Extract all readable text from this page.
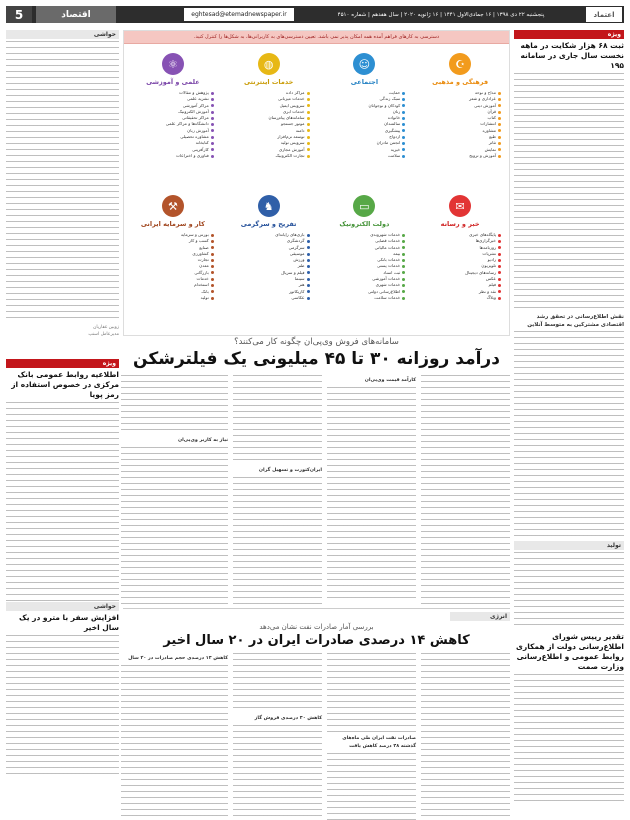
5	اقتصاد	eghtesad@etemadnewspaper.ir	پنجشنبه ۲۲ دی ۱۳۹۸ | ۱۶ جمادی‌الاول ۱۴۴۱ | ۱۶ ژانویه ۲۰۲۰ | سال هفدهم | شماره ۴۵۱۰	اعتماد
ویژه
ثبت ۶۸ هزار شکایت در ماهه نخست سال جاری در سامانه ۱۹۵
نقش اطلاع‌رسانی در تحقق رشد اقتصادی مشترکین به متوسط آنلاین
تولید
تقدیر رییس شورای اطلاع‌رسانی دولت از همکاری روابط عمومی و اطلاع‌رسانی وزارت صمت
حواشی
زوبین غفاریان
مدیرعامل اسنپ
ویژه
اطلاعیه روابط عمومی بانک مرکزی در خصوص استفاده از رمز پویا
حواشی
افزایش سفر با مترو در یک سال اخیر
دسترسی به کارهای فراهم آمده همه امکان پذیر نمی باشد. تعیین دسترسی‌های به کاربرانی‌ها، به شکل‌ها را کنترل کنید.
☪
فرهنگی و مذهبی
مداح و نوحه
عزاداری و شعر
آموزش دینی
قرآن
کتاب
انتشارات
مشاوره
طبع
تئاتر
نمایش
آموزش و ترویج
☺
اجتماعی
حمایت
سبک زندگی
کودکان و نوجوانان
زنان
خانواده
سالمندان
پیشگیری
ازدواج
انجمن مادران
خیریه
سلامت
◍
خدمات اینترنتی
مراکز داده
خدمات میزبانی
سرویس ایمیل
خدمات ابری
سامانه‌های پیام‌رسان
موتور جستجو
دامنه
توسعه نرم‌افزار
سرویس تولید
آموزش مجازی
تجارت الکترونیک
⚛
علمی و آموزشی
پژوهش و مقالات
نشریه علمی
مراکز آموزشی
آموزش الکترونیک
مراکز تحقیقاتی
دانشگاه‌ها و مراکز علمی
آموزش زبان
مشاوره تحصیلی
کتابخانه
کارآفرینی
فناوری و اختراعات
✉
خبر و رسانه
پایگاه‌های خبری
خبرگزاری‌ها
روزنامه‌ها
نشریات
رادیو
تلویزیون
رسانه‌های دیجیتال
عکس
فیلم
نقد و نظر
وبلاگ
▭
دولت الکترونیک
خدمات شهروندی
خدمات قضایی
خدمات مالیاتی
بیمه
خدمات بانکی
خدمات پستی
ثبت اسناد
خدمات آموزشی
خدمات شهری
اطلاع‌رسانی دولتی
خدمات سلامت
♞
تفریح و سرگرمی
بازی‌های رایانه‌ای
گردشگری
سرگرمی
موسیقی
ورزش
طنز
فیلم و سریال
سینما
هنر
کاریکاتور
عکاسی
⚒
کار و سرمایه ایرانی
بورس و سرمایه
کسب و کار
صنایع
کشاورزی
تجارت
معدن
بازرگانی
خدمات
استخدام
بانک
تولید
سامانه‌های فروش وی‌پی‌ان چگونه کار می‌کنند؟
درآمد روزانه ۳۰ تا ۴۵ میلیونی یک فیلترشکن
کارآمد قیمت وی‌پی‌ان
ایران‌کتورت و تسهیل گران
نیاز به کاربر وی‌پی‌ان
انرژی
بررسی آمار صادرات نفت نشان می‌دهد
کاهش ۱۴ درصدی صادرات ایران در ۲۰ سال اخیر
صادرات نفت ایران طی ماه‌های گذشته ۴۸ درصد کاهش یافت
کاهش ۴۰ درصدی فروش گاز
کاهش ۱۴ درصدی حجم صادرات در ۲۰ سال
